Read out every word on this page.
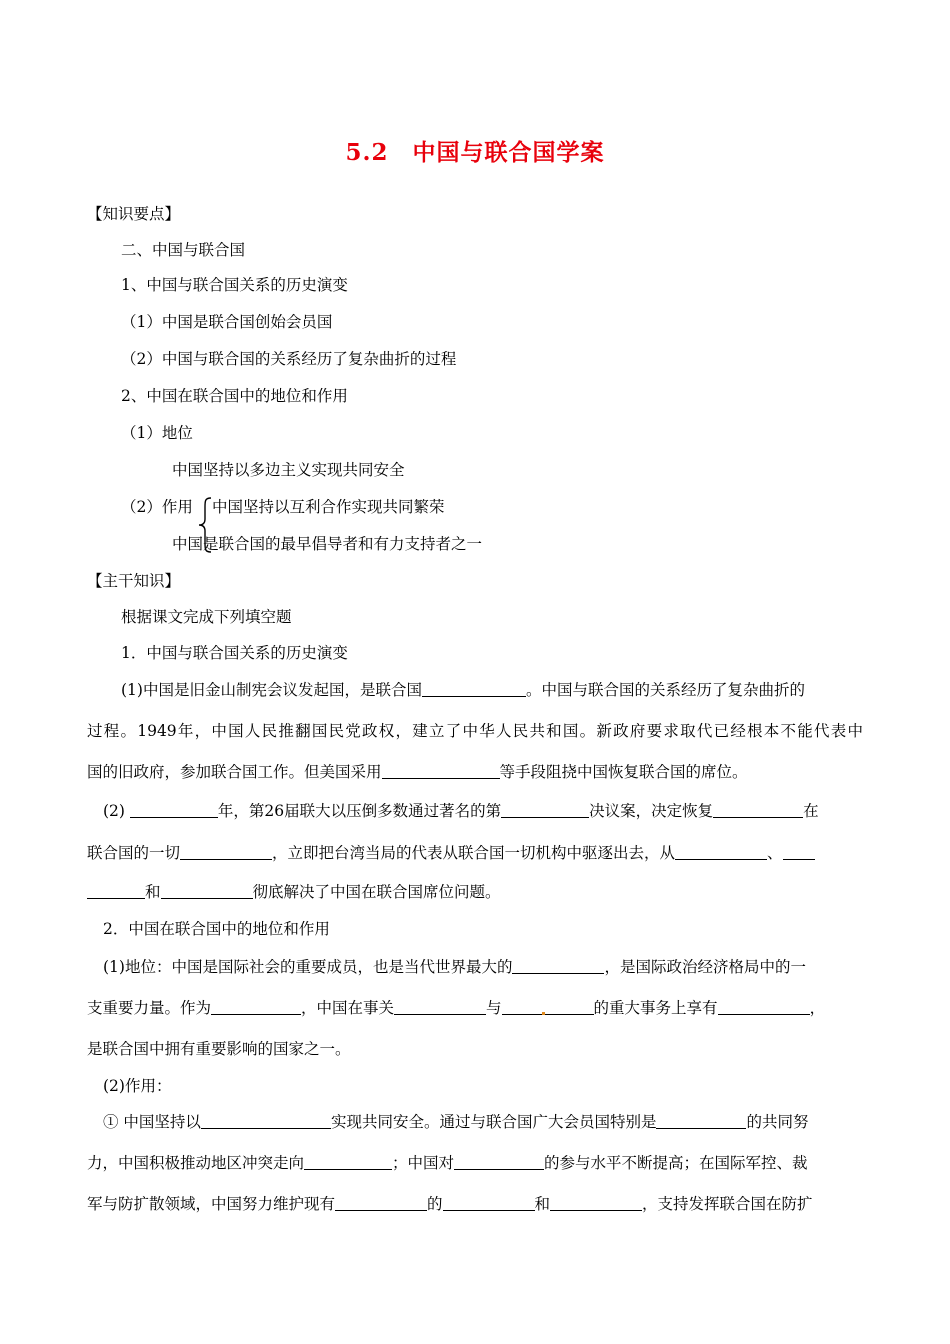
5.2　中国与联合国学案
【知识要点】
二、中国与联合国
1、中国与联合国关系的历史演变
（1）中国是联合国创始会员国
（2）中国与联合国的关系经历了复杂曲折的过程
2、中国在联合国中的地位和作用
（1）地位
中国坚持以多边主义实现共同安全
（2）作用 中国坚持以互利合作实现共同繁荣
中国是联合国的最早倡导者和有力支持者之一
【主干知识】
根据课文完成下列填空题
1．中国与联合国关系的历史演变
(1)中国是旧金山制宪会议发起国，是联合国	。中国与联合国的关系经历了复杂曲折的
过程。1949年，中国人民推翻国民党政权，建立了中华人民共和国。新政府要求取代已经根本不能代表中
国的旧政府，参加联合国工作。但美国采用	等手段阻挠中国恢复联合国的席位。
(2)	年，第26届联大以压倒多数通过著名的第	决议案，决定恢复	在
联合国的一切	，立即把台湾当局的代表从联合国一切机构中驱逐出去，从	、
和	彻底解决了中国在联合国席位问题。
2．中国在联合国中的地位和作用
(1)地位：中国是国际社会的重要成员，也是当代世界最大的	，是国际政治经济格局中的一
支重要力量。作为	，中国在事关	与	的重大事务上享有	，
是联合国中拥有重要影响的国家之一。
(2)作用：
① 中国坚持以	实现共同安全。通过与联合国广大会员国特别是	的共同努
力，中国积极推动地区冲突走向	；中国对	的参与水平不断提高；在国际军控、裁
军与防扩散领域，中国努力维护现有	的	和	，支持发挥联合国在防扩
